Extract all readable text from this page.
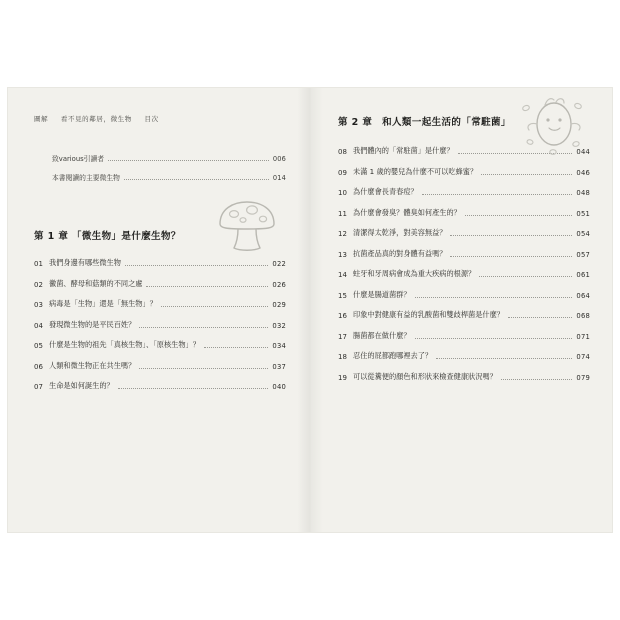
圖解 看不見的鄰居，微生物 目次
致various引讀者	006
本書閱讀的主要微生物	014
第 1 章 「微生物」是什麼生物？
01 我們身邊有哪些微生物	022
02 黴菌、酵母和菇類的不同之處	026
03 病毒是「生物」還是「無生物」？	029
04 發現微生物的是平民百姓？	032
05 什麼是生物的祖先「真核生物」、「原核生物」？	034
06 人類和微生物正在共生嗎？	037
07 生命是如何誕生的？	040
第 2 章　和人類一起生活的「常駐菌」
08 我們體內的「常駐菌」是什麼？	044
09 未滿 1 歲的嬰兒為什麼不可以吃蜂蜜？	046
10 為什麼會長青春痘？	048
11 為什麼會發臭？體臭如何產生的？	051
12 清潔得太乾淨，對美容無益？	054
13 抗菌產品真的對身體有益嗎？	057
14 蛀牙和牙周病會成為重大疾病的根源？	061
15 什麼是腸道菌群？	064
16 印象中對健康有益的乳酸菌和雙歧桿菌是什麼？	068
17 腸菌都在做什麼？	071
18 忍住的屁都跑哪裡去了？	074
19 可以從糞便的顏色和形狀來檢查健康狀況嗎？	079
